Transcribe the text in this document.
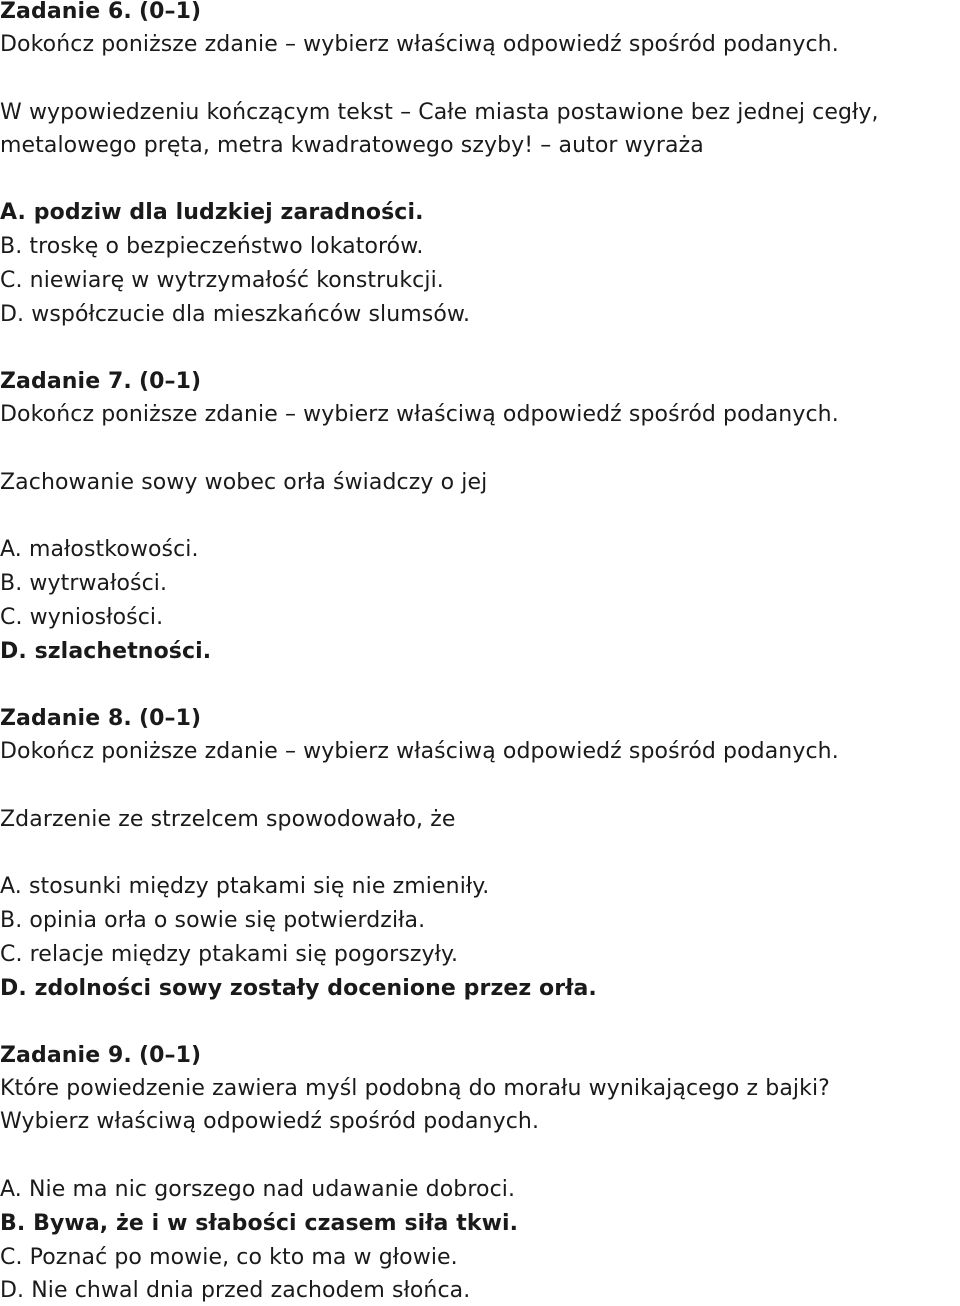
Zadanie 6. (0–1)
Dokończ poniższe zdanie – wybierz właściwą odpowiedź spośród podanych.
W wypowiedzeniu kończącym tekst – Całe miasta postawione bez jednej cegły,
metalowego pręta, metra kwadratowego szyby! – autor wyraża
A. podziw dla ludzkiej zaradności.
B. troskę o bezpieczeństwo lokatorów.
C. niewiarę w wytrzymałość konstrukcji.
D. współczucie dla mieszkańców slumsów.
Zadanie 7. (0–1)
Dokończ poniższe zdanie – wybierz właściwą odpowiedź spośród podanych.
Zachowanie sowy wobec orła świadczy o jej
A. małostkowości.
B. wytrwałości.
C. wyniosłości.
D. szlachetności.
Zadanie 8. (0–1)
Dokończ poniższe zdanie – wybierz właściwą odpowiedź spośród podanych.
Zdarzenie ze strzelcem spowodowało, że
A. stosunki między ptakami się nie zmieniły.
B. opinia orła o sowie się potwierdziła.
C. relacje między ptakami się pogorszyły.
D. zdolności sowy zostały docenione przez orła.
Zadanie 9. (0–1)
Które powiedzenie zawiera myśl podobną do morału wynikającego z bajki?
Wybierz właściwą odpowiedź spośród podanych.
A. Nie ma nic gorszego nad udawanie dobroci.
B. Bywa, że i w słabości czasem siła tkwi.
C. Poznać po mowie, co kto ma w głowie.
D. Nie chwal dnia przed zachodem słońca.
